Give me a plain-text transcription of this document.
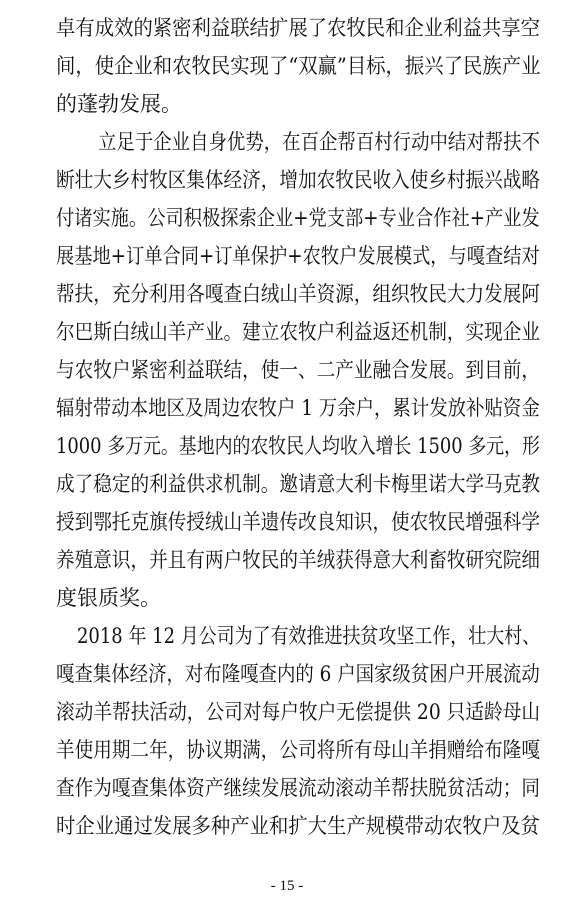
卓有成效的紧密利益联结扩展了农牧民和企业利益共享空
间，使企业和农牧民实现了“双赢”目标，振兴了民族产业
的蓬勃发展。
立足于企业自身优势，在百企帮百村行动中结对帮扶不
断壮大乡村牧区集体经济，增加农牧民收入使乡村振兴战略
付诸实施。公司积极探索企业+党支部+专业合作社+产业发
展基地+订单合同+订单保护+农牧户发展模式，与嘎查结对
帮扶，充分利用各嘎查白绒山羊资源，组织牧民大力发展阿
尔巴斯白绒山羊产业。建立农牧户利益返还机制，实现企业
与农牧户紧密利益联结，使一、二产业融合发展。到目前，
辐射带动本地区及周边农牧户 1 万余户，累计发放补贴资金
1000 多万元。基地内的农牧民人均收入增长 1500 多元，形
成了稳定的利益供求机制。邀请意大利卡梅里诺大学马克教
授到鄂托克旗传授绒山羊遗传改良知识，使农牧民增强科学
养殖意识，并且有两户牧民的羊绒获得意大利畜牧研究院细
度银质奖。
2018 年 12 月公司为了有效推进扶贫攻坚工作，壮大村、
嘎查集体经济，对布隆嘎查内的 6 户国家级贫困户开展流动
滚动羊帮扶活动，公司对每户牧户无偿提供 20 只适龄母山
羊使用期二年，协议期满，公司将所有母山羊捐赠给布隆嘎
查作为嘎查集体资产继续发展流动滚动羊帮扶脱贫活动；同
时企业通过发展多种产业和扩大生产规模带动农牧户及贫
- 15 -
